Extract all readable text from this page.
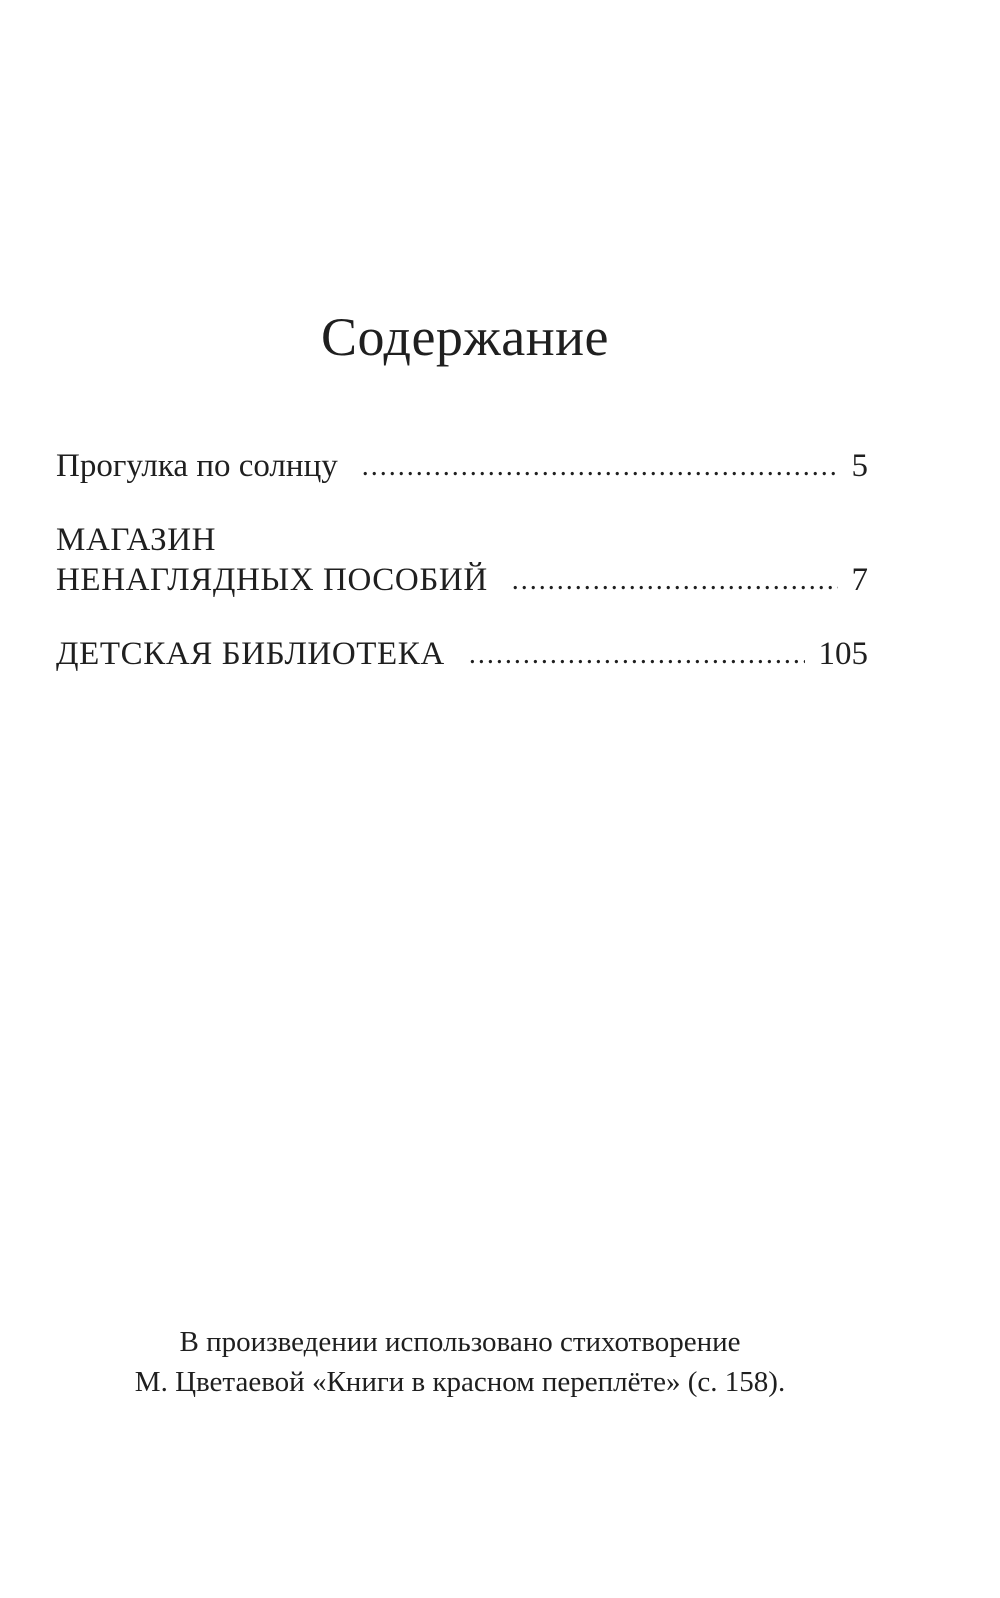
Содержание
Прогулка по солнцу .....	5
МАГАЗИН
НЕНАГЛЯДНЫХ ПОСОБИЙ .....	7
ДЕТСКАЯ БИБЛИОТЕКА .....	105

В произведении использовано стихотворение

М. Цветаевой «Книги в красном переплёте» (с. 158).
